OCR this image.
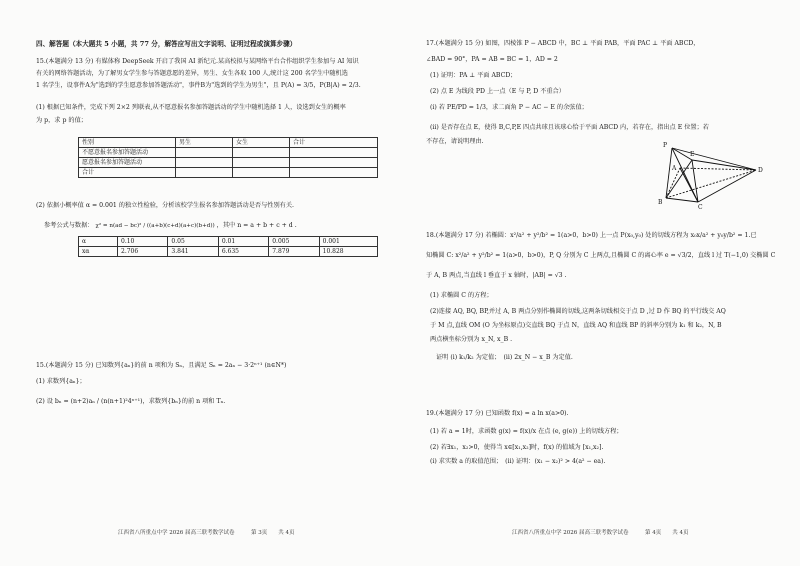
四、解答题（本大题共 5 小题，共 77 分，解答应写出文字说明、证明过程或演算步骤）
15.(本题满分 13 分) 有媒体称 DeepSeek 开启了我国 AI 新纪元.某高校拟与某网络平台合作组织学生参加与 AI 知识
有关的网络答题活动，为了解男女学生参与答题意愿的差异，男生、女生各取 100 人,统计这 200 名学生中随机选
1 名学生，设事件A为"选到的学生愿意参加答题活动"，事件B为"选到的学生为男生"，且 P(A) = 3/5，P(B|A) = 2/3.
(1) 根据已知条件，完成下列 2×2 列联表,从不愿意报名参加答题活动的学生中随机选择 1 人，设选到女生的概率
为 p，求 p 的值；
性别	男生	女生	合计
不愿意报名参加答题活动			
愿意报名参加答题活动			
合计			
(2) 依据小概率值 α = 0.001 的独立性检验，分析该校学生报名参加答题活动是否与性别有关.
参考公式与数据： χ² = n(ad − bc)² / ((a+b)(c+d)(a+c)(b+d)) ，其中 n = a + b + c + d .
α	0.10	0.05	0.01	0.005	0.001
xα	2.706	3.841	6.635	7.879	10.828
15.(本题满分 15 分) 已知数列{aₙ}的前 n 项和为 Sₙ，且满足 Sₙ = 2aₙ − 3·2ⁿ⁺¹ (n∈N*)
(1) 求数列{aₙ}；
(2) 设 bₙ = (n+2)aₙ / (n(n+1)²4ⁿ⁺¹)，求数列{bₙ}的前 n 项和 Tₙ.
江西省八所重点中学 2026 届高三联考数学试卷　　　第 3页　　共 4页
17.(本题满分 15 分) 如图，四棱锥 P − ABCD 中，BC ⊥ 平面 PAB，平面 PAC ⊥ 平面 ABCD，
∠BAD = 90°，PA = AB = BC = 1，AD = 2
(1) 证明：PA ⊥ 平面 ABCD；
(2) 点 E 为线段 PD 上一点（E 与 P, D 不重合）
(i) 若 PE/PD = 1/3，求二面角 P − AC − E 的余弦值；
(ii) 是否存在点 E，使得 B,C,P,E 四点共球且该球心恰于平面 ABCD 内，若存在，指出点 E 位置；若
不存在，请说明理由.
P
E
A	D
B
C
18.(本题满分 17 分) 若椭圆：x²/a² + y²/b² = 1(a>0，b>0) 上一点 P(x₀,y₀) 处的切线方程为 x₀x/a² + y₀y/b² = 1.已
知椭圆 C: x²/a² + y²/b² = 1(a>0，b>0)，P, Q 分别为 C 上两点,且椭圆 C 的离心率 e = √3/2，直线 l 过 T(−1,0) 交椭圆 C
于 A, B 两点,当直线 l 垂直于 x 轴时，|AB| = √3 .
(1) 求椭圆 C 的方程；
(2)连接 AQ, BQ, BP,并过 A, B 两点分别作椭圆的切线,这两条切线相交于点 D ,过 D 作 BQ 的平行线交 AQ
于 M 点,直线 OM (O 为坐标原点)交直线 BQ 于点 N，直线 AQ 和直线 BP 的斜率分别为 k₁ 和 k₂，N, B
两点横坐标分别为 x_N, x_B .
证明 (i) k₁/k₂ 为定值；　(ii) 2x_N − x_B 为定值.
19.(本题满分 17 分) 已知函数 f(x) = a ln x(a>0).
(1) 若 a = 1时，求函数 g(x) = f(x)/x 在点 (e, g(e)) 上的切线方程；
(2) 若∃x₁，x₂>0，使得当 x∈[x₁,x₂]时，f(x) 的值域为 [x₁,x₂].
(i) 求实数 a 的取值范围；　(ii) 证明：(x₁ − x₂)² > 4(a² − ea).
江西省八所重点中学 2026 届高三联考数学试卷　　　第 4页　　共 4页
